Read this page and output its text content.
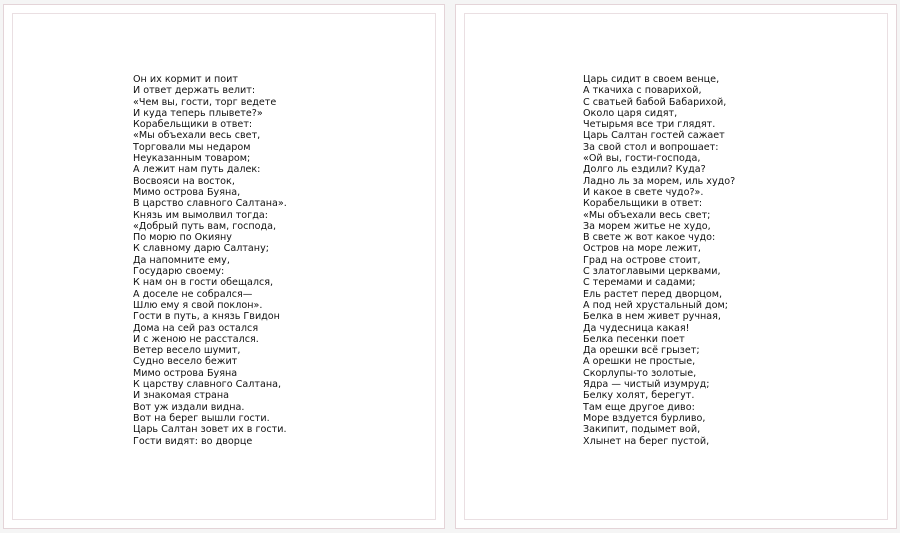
Он их кормит и поит
И ответ держать велит:
«Чем вы, гости, торг ведете
И куда теперь плывете?»
Корабельщики в ответ:
«Мы объехали весь свет,
Торговали мы недаром
Неуказанным товаром;
А лежит нам путь далек:
Восвояси на восток,
Мимо острова Буяна,
В царство славного Салтана».
Князь им вымолвил тогда:
«Добрый путь вам, господа,
По морю по Окияну
К славному дарю Салтану;
Да напомните ему,
Государю своему:
К нам он в гости обещался,
А доселе не собрался—
Шлю ему я свой поклон».
Гости в путь, а князь Гвидон
Дома на сей раз остался
И с женою не расстался.
Ветер весело шумит,
Судно весело бежит
Мимо острова Буяна
К царству славного Салтана,
И знакомая страна
Вот уж издали видна.
Вот на берег вышли гости.
Царь Салтан зовет их в гости.
Гости видят: во дворце
Царь сидит в своем венце,
А ткачиха с поварихой,
С сватьей бабой Бабарихой,
Около царя сидят,
Четырьмя все три глядят.
Царь Салтан гостей сажает
За свой стол и вопрошает:
«Ой вы, гости-господа,
Долго ль ездили? Куда?
Ладно ль за морем, иль худо?
И какое в свете чудо?».
Корабельщики в ответ:
«Мы объехали весь свет;
За морем житье не худо,
В свете ж вот какое чудо:
Остров на море лежит,
Град на острове стоит,
С златоглавыми церквами,
С теремами и садами;
Ель растет перед дворцом,
А под ней хрустальный дом;
Белка в нем живет ручная,
Да чудесница какая!
Белка песенки поет
Да орешки всё грызет;
А орешки не простые,
Скорлупы-то золотые,
Ядра — чистый изумруд;
Белку холят, берегут.
Там еще другое диво:
Море вздуется бурливо,
Закипит, подымет вой,
Хлынет на берег пустой,
